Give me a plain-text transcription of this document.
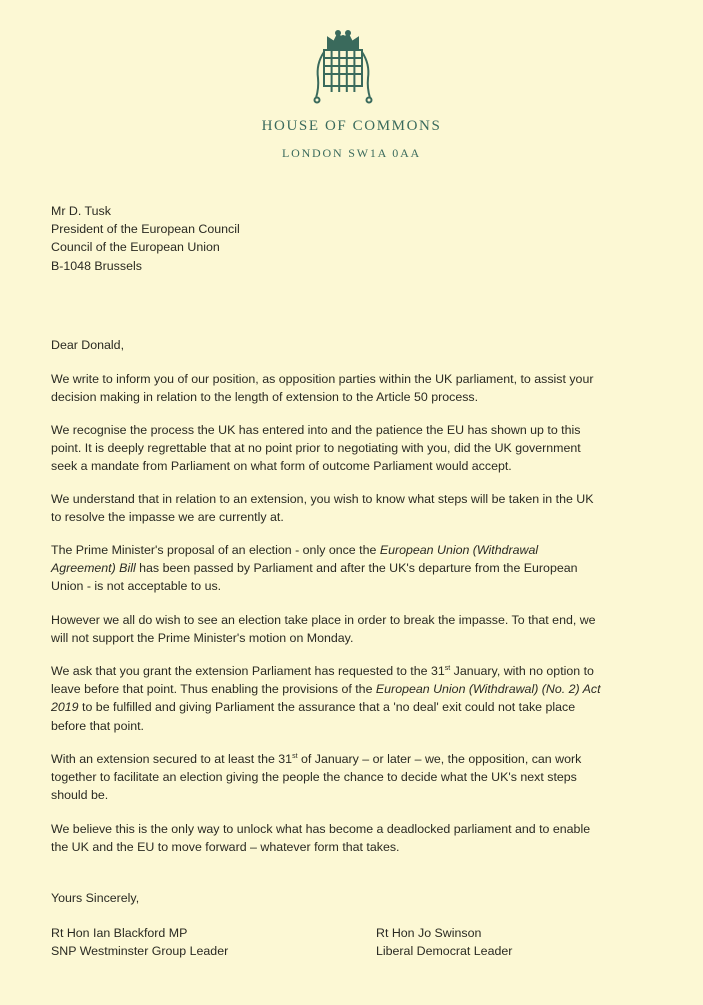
HOUSE OF COMMONS
LONDON SW1A 0AA
Mr D. Tusk
President of the European Council
Council of the European Union
B-1048 Brussels
Dear Donald,
We write to inform you of our position, as opposition parties within the UK parliament, to assist your
decision making in relation to the length of extension to the Article 50 process.
We recognise the process the UK has entered into and the patience the EU has shown up to this
point. It is deeply regrettable that at no point prior to negotiating with you, did the UK government
seek a mandate from Parliament on what form of outcome Parliament would accept.
We understand that in relation to an extension, you wish to know what steps will be taken in the UK
to resolve the impasse we are currently at.
The Prime Minister's proposal of an election - only once the European Union (Withdrawal
Agreement) Bill has been passed by Parliament and after the UK's departure from the European
Union - is not acceptable to us.
However we all do wish to see an election take place in order to break the impasse. To that end, we
will not support the Prime Minister's motion on Monday.
We ask that you grant the extension Parliament has requested to the 31st January, with no option to
leave before that point. Thus enabling the provisions of the European Union (Withdrawal) (No. 2) Act
2019 to be fulfilled and giving Parliament the assurance that a 'no deal' exit could not take place
before that point.
With an extension secured to at least the 31st of January – or later – we, the opposition, can work
together to facilitate an election giving the people the chance to decide what the UK's next steps
should be.
We believe this is the only way to unlock what has become a deadlocked parliament and to enable
the UK and the EU to move forward – whatever form that takes.
Yours Sincerely,
Rt Hon Ian Blackford MP
SNP Westminster Group Leader
Rt Hon Jo Swinson
Liberal Democrat Leader
